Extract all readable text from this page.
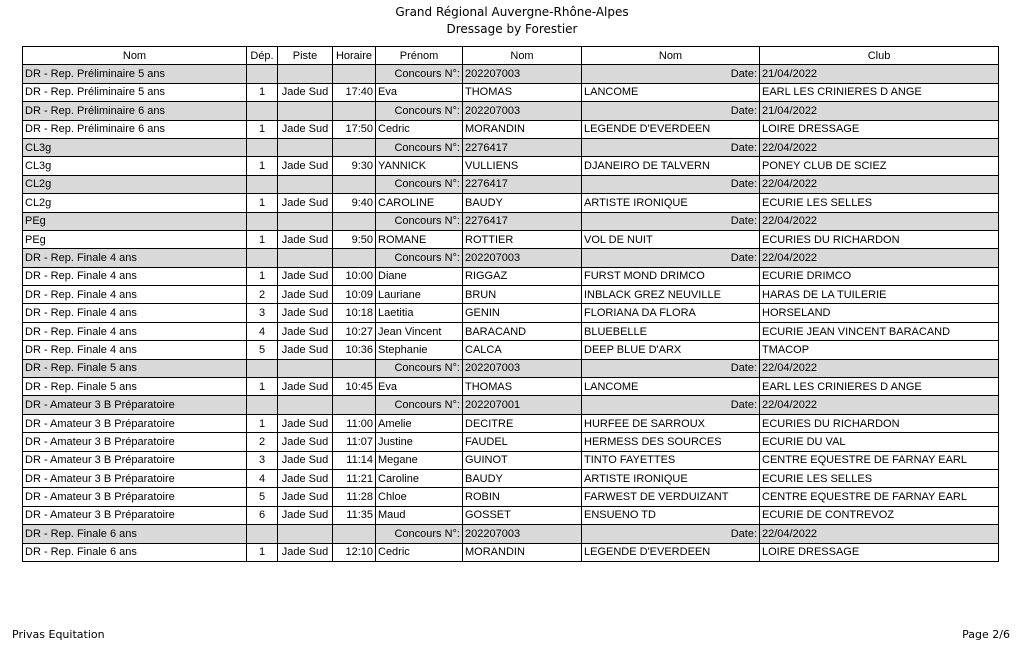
Grand Régional Auvergne-Rhône-Alpes
Dressage by Forestier
Nom	Dép.	Piste	Horaire	Prénom	Nom	Nom	Club
DR - Rep. Préliminaire 5 ans				Concours N°:	202207003	Date:	21/04/2022
DR - Rep. Préliminaire 5 ans	1	Jade Sud	17:40	Eva	THOMAS	LANCOME	EARL LES CRINIERES D ANGE
DR - Rep. Préliminaire 6 ans				Concours N°:	202207003	Date:	21/04/2022
DR - Rep. Préliminaire 6 ans	1	Jade Sud	17:50	Cedric	MORANDIN	LEGENDE D'EVERDEEN	LOIRE DRESSAGE
CL3g				Concours N°:	2276417	Date:	22/04/2022
CL3g	1	Jade Sud	9:30	YANNICK	VULLIENS	DJANEIRO DE TALVERN	PONEY CLUB DE SCIEZ
CL2g				Concours N°:	2276417	Date:	22/04/2022
CL2g	1	Jade Sud	9:40	CAROLINE	BAUDY	ARTISTE IRONIQUE	ECURIE LES SELLES
PEg				Concours N°:	2276417	Date:	22/04/2022
PEg	1	Jade Sud	9:50	ROMANE	ROTTIER	VOL DE NUIT	ECURIES DU RICHARDON
DR - Rep. Finale 4 ans				Concours N°:	202207003	Date:	22/04/2022
DR - Rep. Finale 4 ans	1	Jade Sud	10:00	Diane	RIGGAZ	FURST MOND DRIMCO	ECURIE DRIMCO
DR - Rep. Finale 4 ans	2	Jade Sud	10:09	Lauriane	BRUN	INBLACK GREZ NEUVILLE	HARAS DE LA TUILERIE
DR - Rep. Finale 4 ans	3	Jade Sud	10:18	Laetitia	GENIN	FLORIANA DA FLORA	HORSELAND
DR - Rep. Finale 4 ans	4	Jade Sud	10:27	Jean Vincent	BARACAND	BLUEBELLE	ECURIE JEAN VINCENT BARACAND
DR - Rep. Finale 4 ans	5	Jade Sud	10:36	Stephanie	CALCA	DEEP BLUE D'ARX	TMACOP
DR - Rep. Finale 5 ans				Concours N°:	202207003	Date:	22/04/2022
DR - Rep. Finale 5 ans	1	Jade Sud	10:45	Eva	THOMAS	LANCOME	EARL LES CRINIERES D ANGE
DR - Amateur 3 B Préparatoire				Concours N°:	202207001	Date:	22/04/2022
DR - Amateur 3 B Préparatoire	1	Jade Sud	11:00	Amelie	DECITRE	HURFEE DE SARROUX	ECURIES DU RICHARDON
DR - Amateur 3 B Préparatoire	2	Jade Sud	11:07	Justine	FAUDEL	HERMESS DES SOURCES	ECURIE DU VAL
DR - Amateur 3 B Préparatoire	3	Jade Sud	11:14	Megane	GUINOT	TINTO FAYETTES	CENTRE EQUESTRE DE FARNAY EARL
DR - Amateur 3 B Préparatoire	4	Jade Sud	11:21	Caroline	BAUDY	ARTISTE IRONIQUE	ECURIE LES SELLES
DR - Amateur 3 B Préparatoire	5	Jade Sud	11:28	Chloe	ROBIN	FARWEST DE VERDUIZANT	CENTRE EQUESTRE DE FARNAY EARL
DR - Amateur 3 B Préparatoire	6	Jade Sud	11:35	Maud	GOSSET	ENSUENO TD	ECURIE DE CONTREVOZ
DR - Rep. Finale 6 ans				Concours N°:	202207003	Date:	22/04/2022
DR - Rep. Finale 6 ans	1	Jade Sud	12:10	Cedric	MORANDIN	LEGENDE D'EVERDEEN	LOIRE DRESSAGE
Privas Equitation	Page 2/6
